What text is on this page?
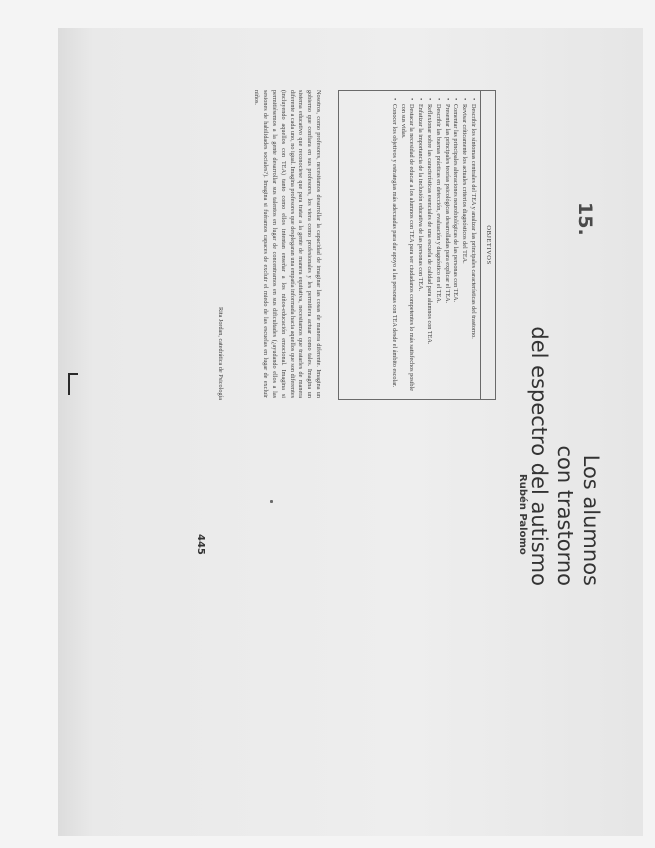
15.
Los alumnos
con trastorno
del espectro del autismo
Rubén Palomo
OBJETIVOS
• Describir los síntomas centrales del TEA y analizar las principales características del trastorno.
• Revisar críticamente los actuales criterios diagnósticos del TEA.
• Comentar las principales alteraciones neurobiológicas de las personas con TEA.
• Presentar las principales teorías psicológicas desarrolladas para explicar el TEA.
• Describir las buenas prácticas en detección, evaluación y diagnóstico en el TEA.
• Reflexionar sobre las características esenciales de una escuela de calidad para alumnos con TEA.
• Enfatizar la importancia de la inclusión educativa de las personas con TEA.
• Destacar la necesidad de educar a los alumnos con TEA para ser ciudadanos competentes lo más satisfechos posible con sus vidas.
• Conocer los objetivos y estrategias más adecuadas para dar apoyo a las personas con TEA desde el ámbito escolar.
Nosotros, como profesores, necesitamos desarrollar la capacidad de imaginar las cosas de manera diferente. Imagina un gobierno que confiara en sus profesores, los viera como profesionales y les permitiera actuar como tales. Imagina un sistema educativo que reconociese que para tratar a la gente de manera equitativa, necesitamos que tratarles de manera diferente a cada uno, no igual. Imagina profesores que desplegaran una empatía informada hacia aquellos que son diferentes (incluyendo aquellos con TEA) tanto como ellos intentan enseñar a los niños-educación emocional. Imagina si permitiésemos a la gente desarrollar sus talentos en lugar de concentrarnos en sus dificultades (¿ayudando ellos a las sesiones de habilidades sociales?). Imagina si fuéramos capaces de excluir el miedo de las escuelas en lugar de excluir niños.
Rita Jordan, catedrática de Psicología
445
